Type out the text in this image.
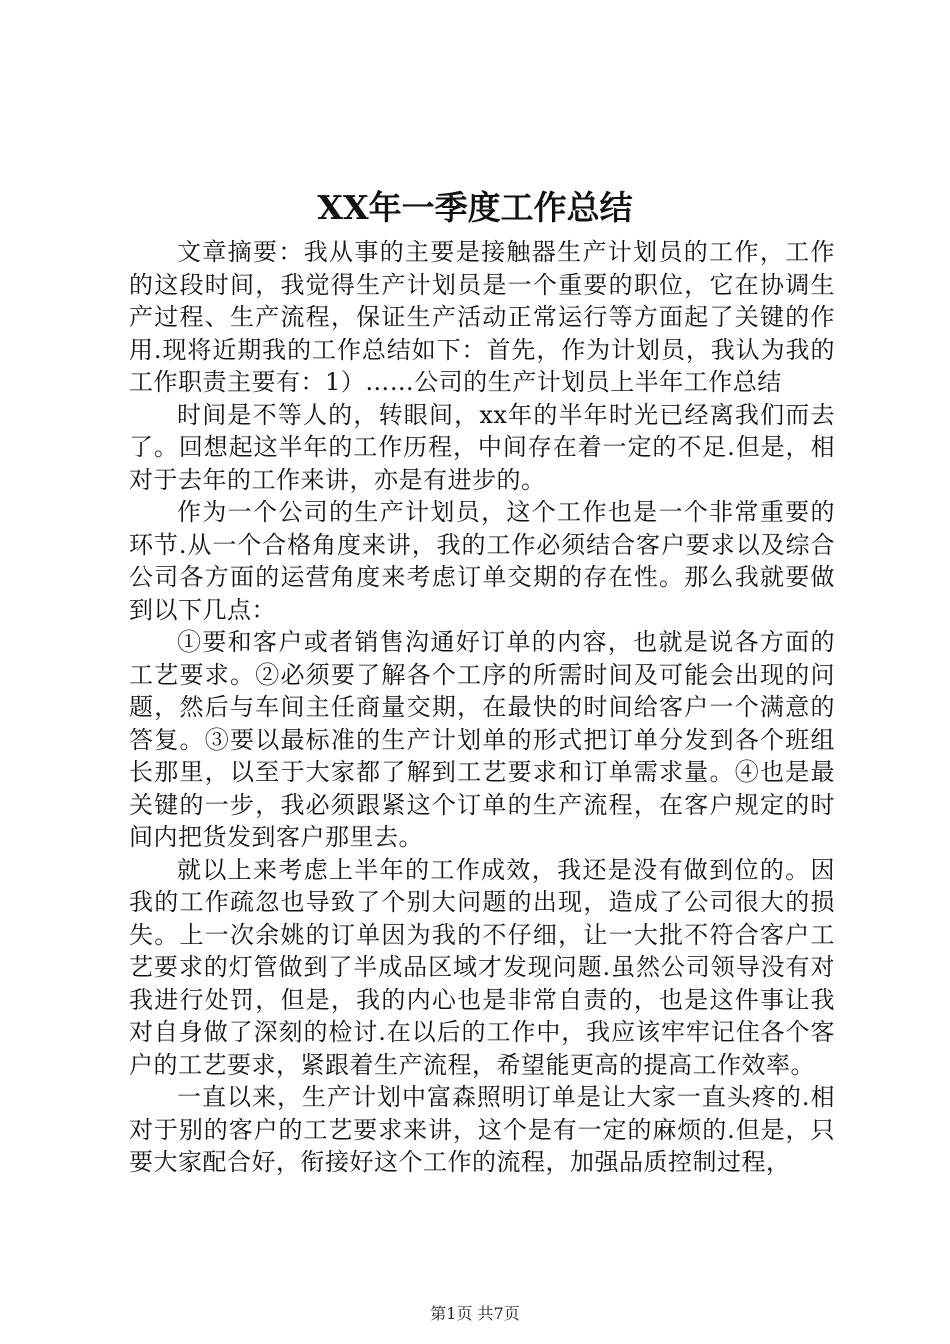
XX年一季度工作总结

文章摘要：我从事的主要是接触器生产计划员的工作，工作的这段时间，我觉得生产计划员是一个重要的职位，它在协调生产过程、生产流程，保证生产活动正常运行等方面起了关键的作用.现将近期我的工作总结如下：首先，作为计划员，我认为我的工作职责主要有：1）……公司的生产计划员上半年工作总结

时间是不等人的，转眼间，xx年的半年时光已经离我们而去了。回想起这半年的工作历程，中间存在着一定的不足.但是，相对于去年的工作来讲，亦是有进步的。

作为一个公司的生产计划员，这个工作也是一个非常重要的环节.从一个合格角度来讲，我的工作必须结合客户要求以及综合公司各方面的运营角度来考虑订单交期的存在性。那么我就要做到以下几点：

①要和客户或者销售沟通好订单的内容，也就是说各方面的工艺要求。②必须要了解各个工序的所需时间及可能会出现的问题，然后与车间主任商量交期，在最快的时间给客户一个满意的答复。③要以最标准的生产计划单的形式把订单分发到各个班组长那里，以至于大家都了解到工艺要求和订单需求量。④也是最关键的一步，我必须跟紧这个订单的生产流程，在客户规定的时间内把货发到客户那里去。

就以上来考虑上半年的工作成效，我还是没有做到位的。因我的工作疏忽也导致了个别大问题的出现，造成了公司很大的损失。上一次余姚的订单因为我的不仔细，让一大批不符合客户工艺要求的灯管做到了半成品区域才发现问题.虽然公司领导没有对我进行处罚，但是，我的内心也是非常自责的，也是这件事让我对自身做了深刻的检讨.在以后的工作中，我应该牢牢记住各个客户的工艺要求，紧跟着生产流程，希望能更高的提高工作效率。

一直以来，生产计划中富森照明订单是让大家一直头疼的.相对于别的客户的工艺要求来讲，这个是有一定的麻烦的.但是，只要大家配合好，衔接好这个工作的流程，加强品质控制过程，

第1页 共7页
